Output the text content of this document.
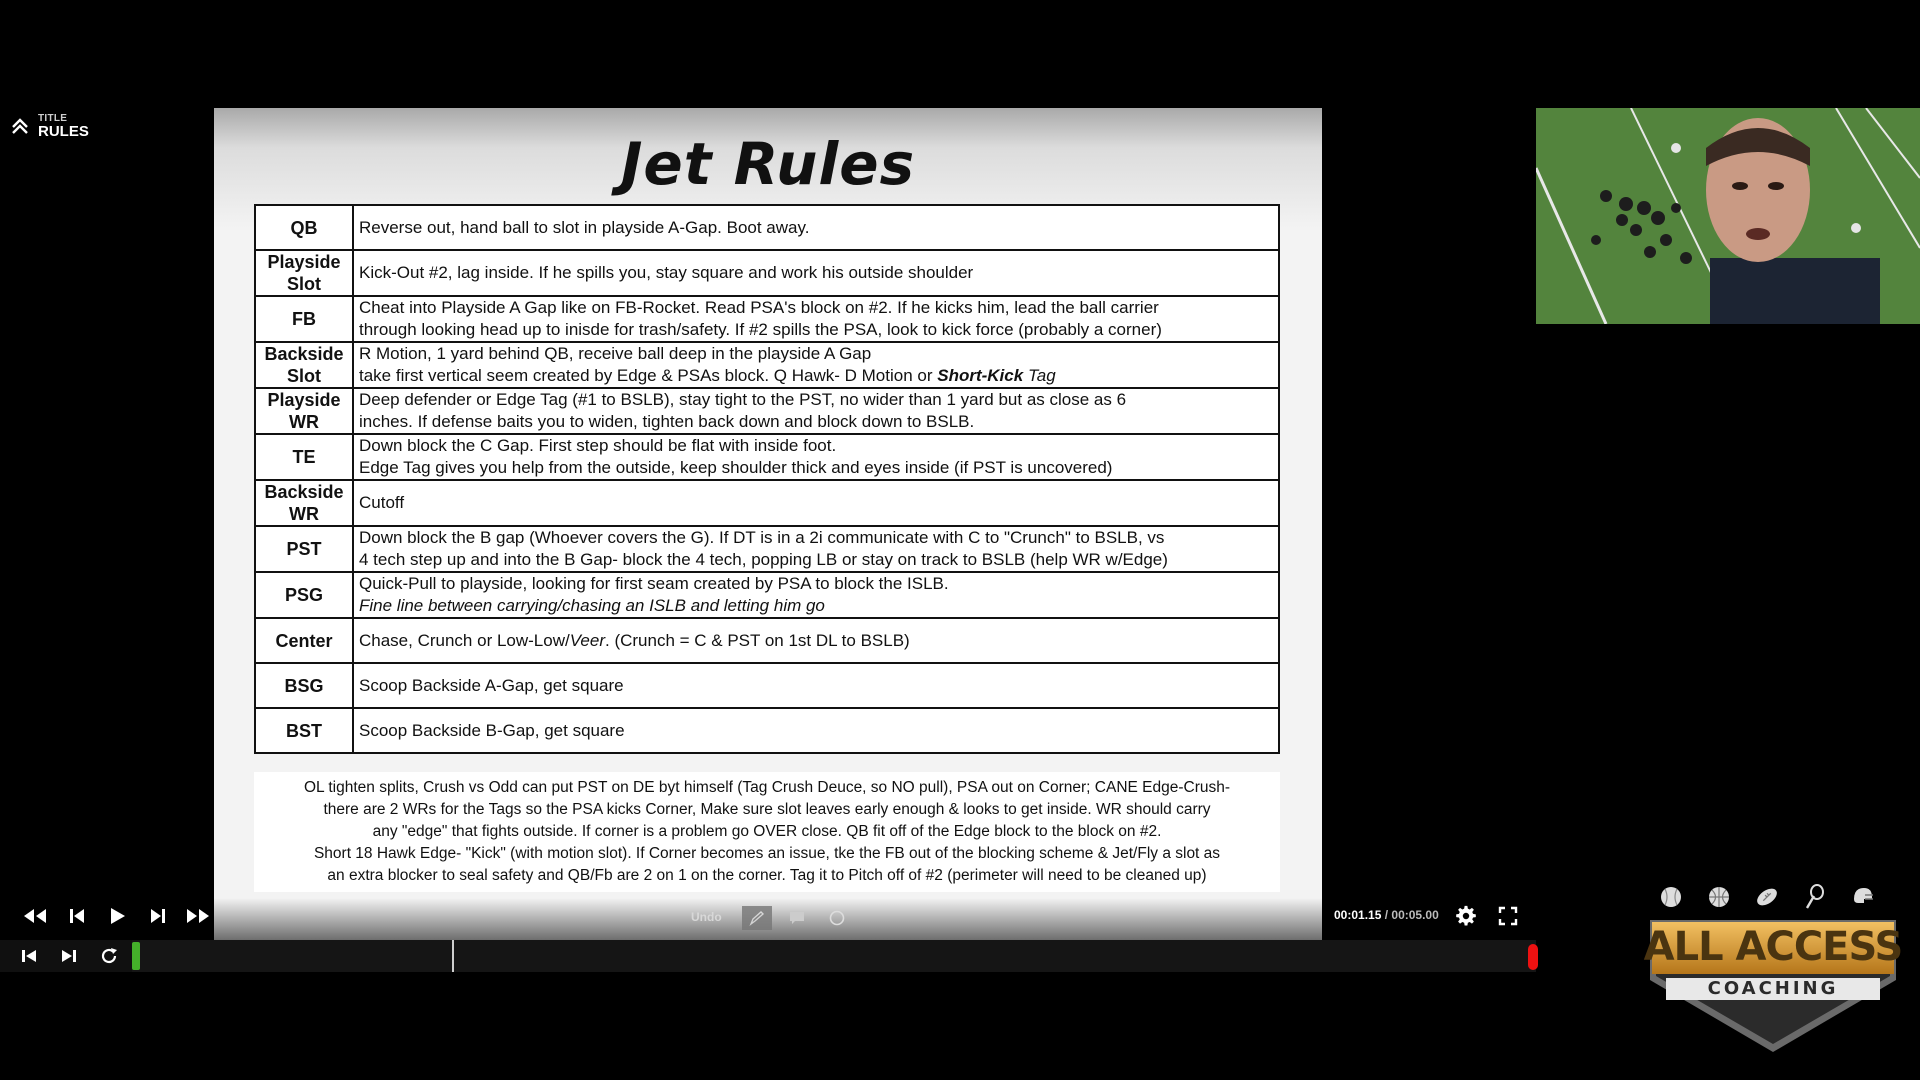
TITLE
RULES	Jet Rules
QB	Reverse out, hand ball to slot in playside A-Gap. Boot away.

Playside Slot	Kick-Out #2, lag inside. If he spills you, stay square and work his outside shoulder

FB	Cheat into Playside A Gap like on FB-Rocket. Read PSA's block on #2. If he kicks him, lead the ball carrier
through looking head up to inisde for trash/safety. If #2 spills the PSA, look to kick force (probably a corner)

Backside Slot	R Motion, 1 yard behind QB, receive ball deep in the playside A Gap
take first vertical seem created by Edge & PSAs block. Q Hawk- D Motion or Short-Kick Tag

Playside WR	Deep defender or Edge Tag (#1 to BSLB), stay tight to the PST, no wider than 1 yard but as close as 6
inches. If defense baits you to widen, tighten back down and block down to BSLB.

TE	Down block the C Gap. First step should be flat with inside foot.
Edge Tag gives you help from the outside, keep shoulder thick and eyes inside (if PST is uncovered)

Backside WR	Cutoff

PST	Down block the B gap (Whoever covers the G). If DT is in a 2i communicate with C to "Crunch" to BSLB, vs
4 tech step up and into the B Gap- block the 4 tech, popping LB or stay on track to BSLB (help WR w/Edge)

PSG	Quick-Pull to playside, looking for first seam created by PSA to block the ISLB.
Fine line between carrying/chasing an ISLB and letting him go

Center	Chase, Crunch or Low-Low/Veer. (Crunch = C & PST on 1st DL to BSLB)

BSG	Scoop Backside A-Gap, get square

BST	Scoop Backside B-Gap, get square
OL tighten splits, Crush vs Odd can put PST on DE byt himself (Tag Crush Deuce, so NO pull), PSA out on Corner; CANE Edge-Crush-
there are 2 WRs for the Tags so the PSA kicks Corner, Make sure slot leaves early enough & looks to get inside. WR should carry
any "edge" that fights outside. If corner is a problem go OVER close. QB fit off of the Edge block to the block on #2.
Short 18 Hawk Edge- "Kick" (with motion slot). If Corner becomes an issue, tke the FB out of the blocking scheme & Jet/Fly a slot as
an extra blocker to seal safety and QB/Fb are 2 on 1 on the corner. Tag it to Pitch off of #2 (perimeter will need to be cleaned up)
Undo	00:01.15 / 00:05.00
ALL ACCESS
COACHING
